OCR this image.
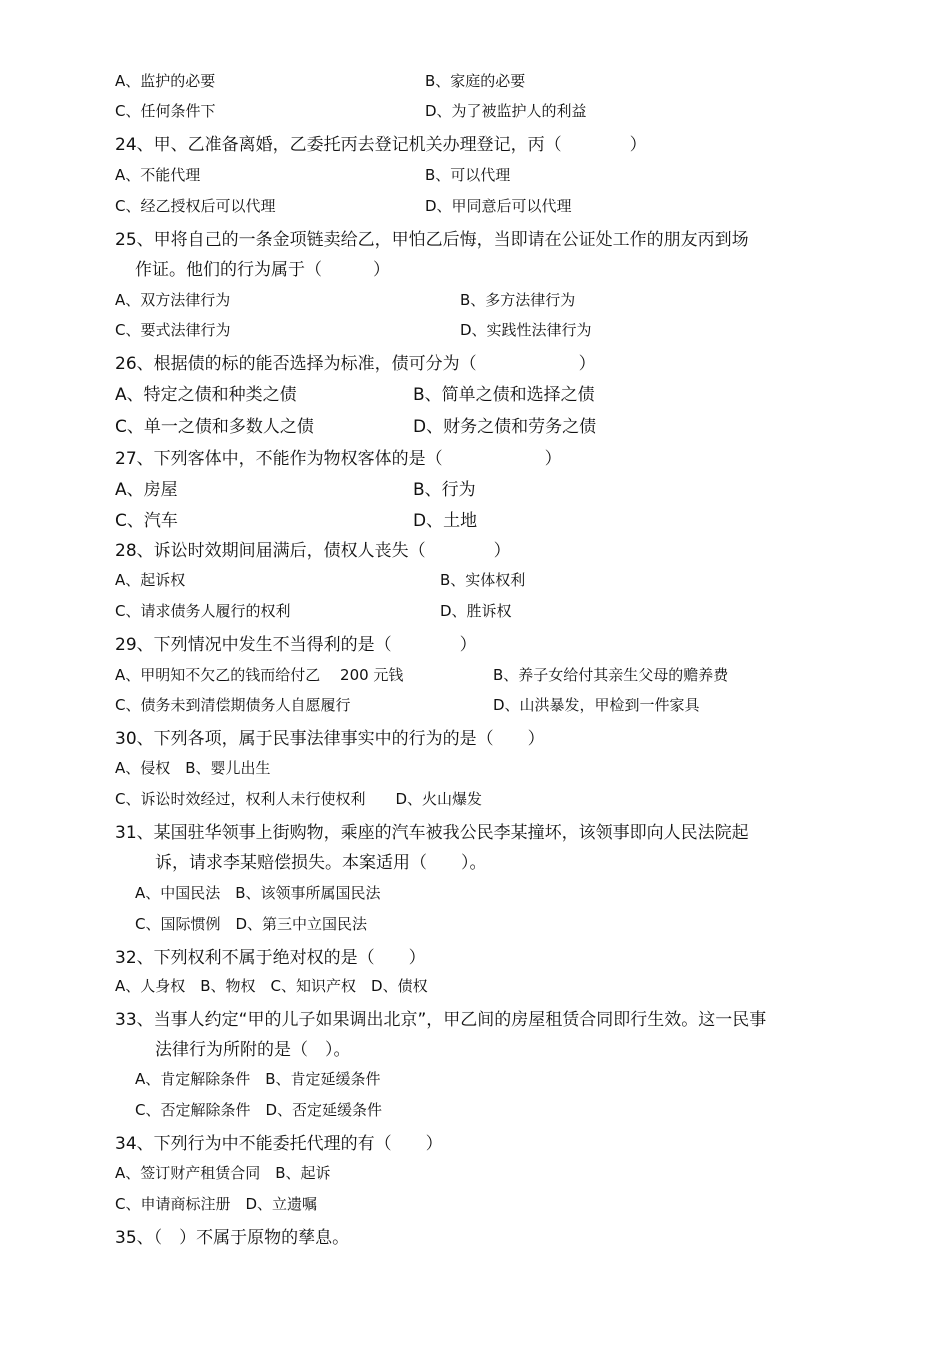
A、监护的必要	B、家庭的必要
C、任何条件下	D、为了被监护人的利益
24、甲、乙准备离婚，乙委托丙去登记机关办理登记，丙（　　　　）
A、不能代理	B、可以代理
C、经乙授权后可以代理	D、甲同意后可以代理
25、甲将自己的一条金项链卖给乙，甲怕乙后悔，当即请在公证处工作的朋友丙到场
作证。他们的行为属于（　　　）
A、双方法律行为	B、多方法律行为
C、要式法律行为	D、实践性法律行为
26、根据债的标的能否选择为标准，债可分为（　　　　　　）
A、特定之债和种类之债	B、简单之债和选择之债
C、单一之债和多数人之债	D、财务之债和劳务之债
27、下列客体中，不能作为物权客体的是（　　　　　　）
A、房屋	B、行为
C、汽车	D、土地
28、诉讼时效期间届满后，债权人丧失（　　　　）
A、起诉权	B、实体权利
C、请求债务人履行的权利	D、胜诉权
29、下列情况中发生不当得利的是（　　　　）
A、甲明知不欠乙的钱而给付乙　 200 元钱	B、养子女给付其亲生父母的赡养费
C、债务未到清偿期债务人自愿履行	D、山洪暴发，甲检到一件家具
30、下列各项，属于民事法律事实中的行为的是（　　）
A、侵权　B、婴儿出生
C、诉讼时效经过，权利人未行使权利　　D、火山爆发
31、某国驻华领事上街购物，乘座的汽车被我公民李某撞坏，该领事即向人民法院起
诉，请求李某赔偿损失。本案适用（　　）。
A、中国民法　B、该领事所属国民法
C、国际惯例　D、第三中立国民法
32、下列权利不属于绝对权的是（　　）
A、人身权　B、物权　C、知识产权　D、债权
33、当事人约定“甲的儿子如果调出北京”，甲乙间的房屋租赁合同即行生效。这一民事
法律行为所附的是（　）。
A、肯定解除条件　B、肯定延缓条件
C、否定解除条件　D、否定延缓条件
34、下列行为中不能委托代理的有（　　）
A、签订财产租赁合同　B、起诉
C、申请商标注册　D、立遗嘱
35、（　）不属于原物的孳息。
